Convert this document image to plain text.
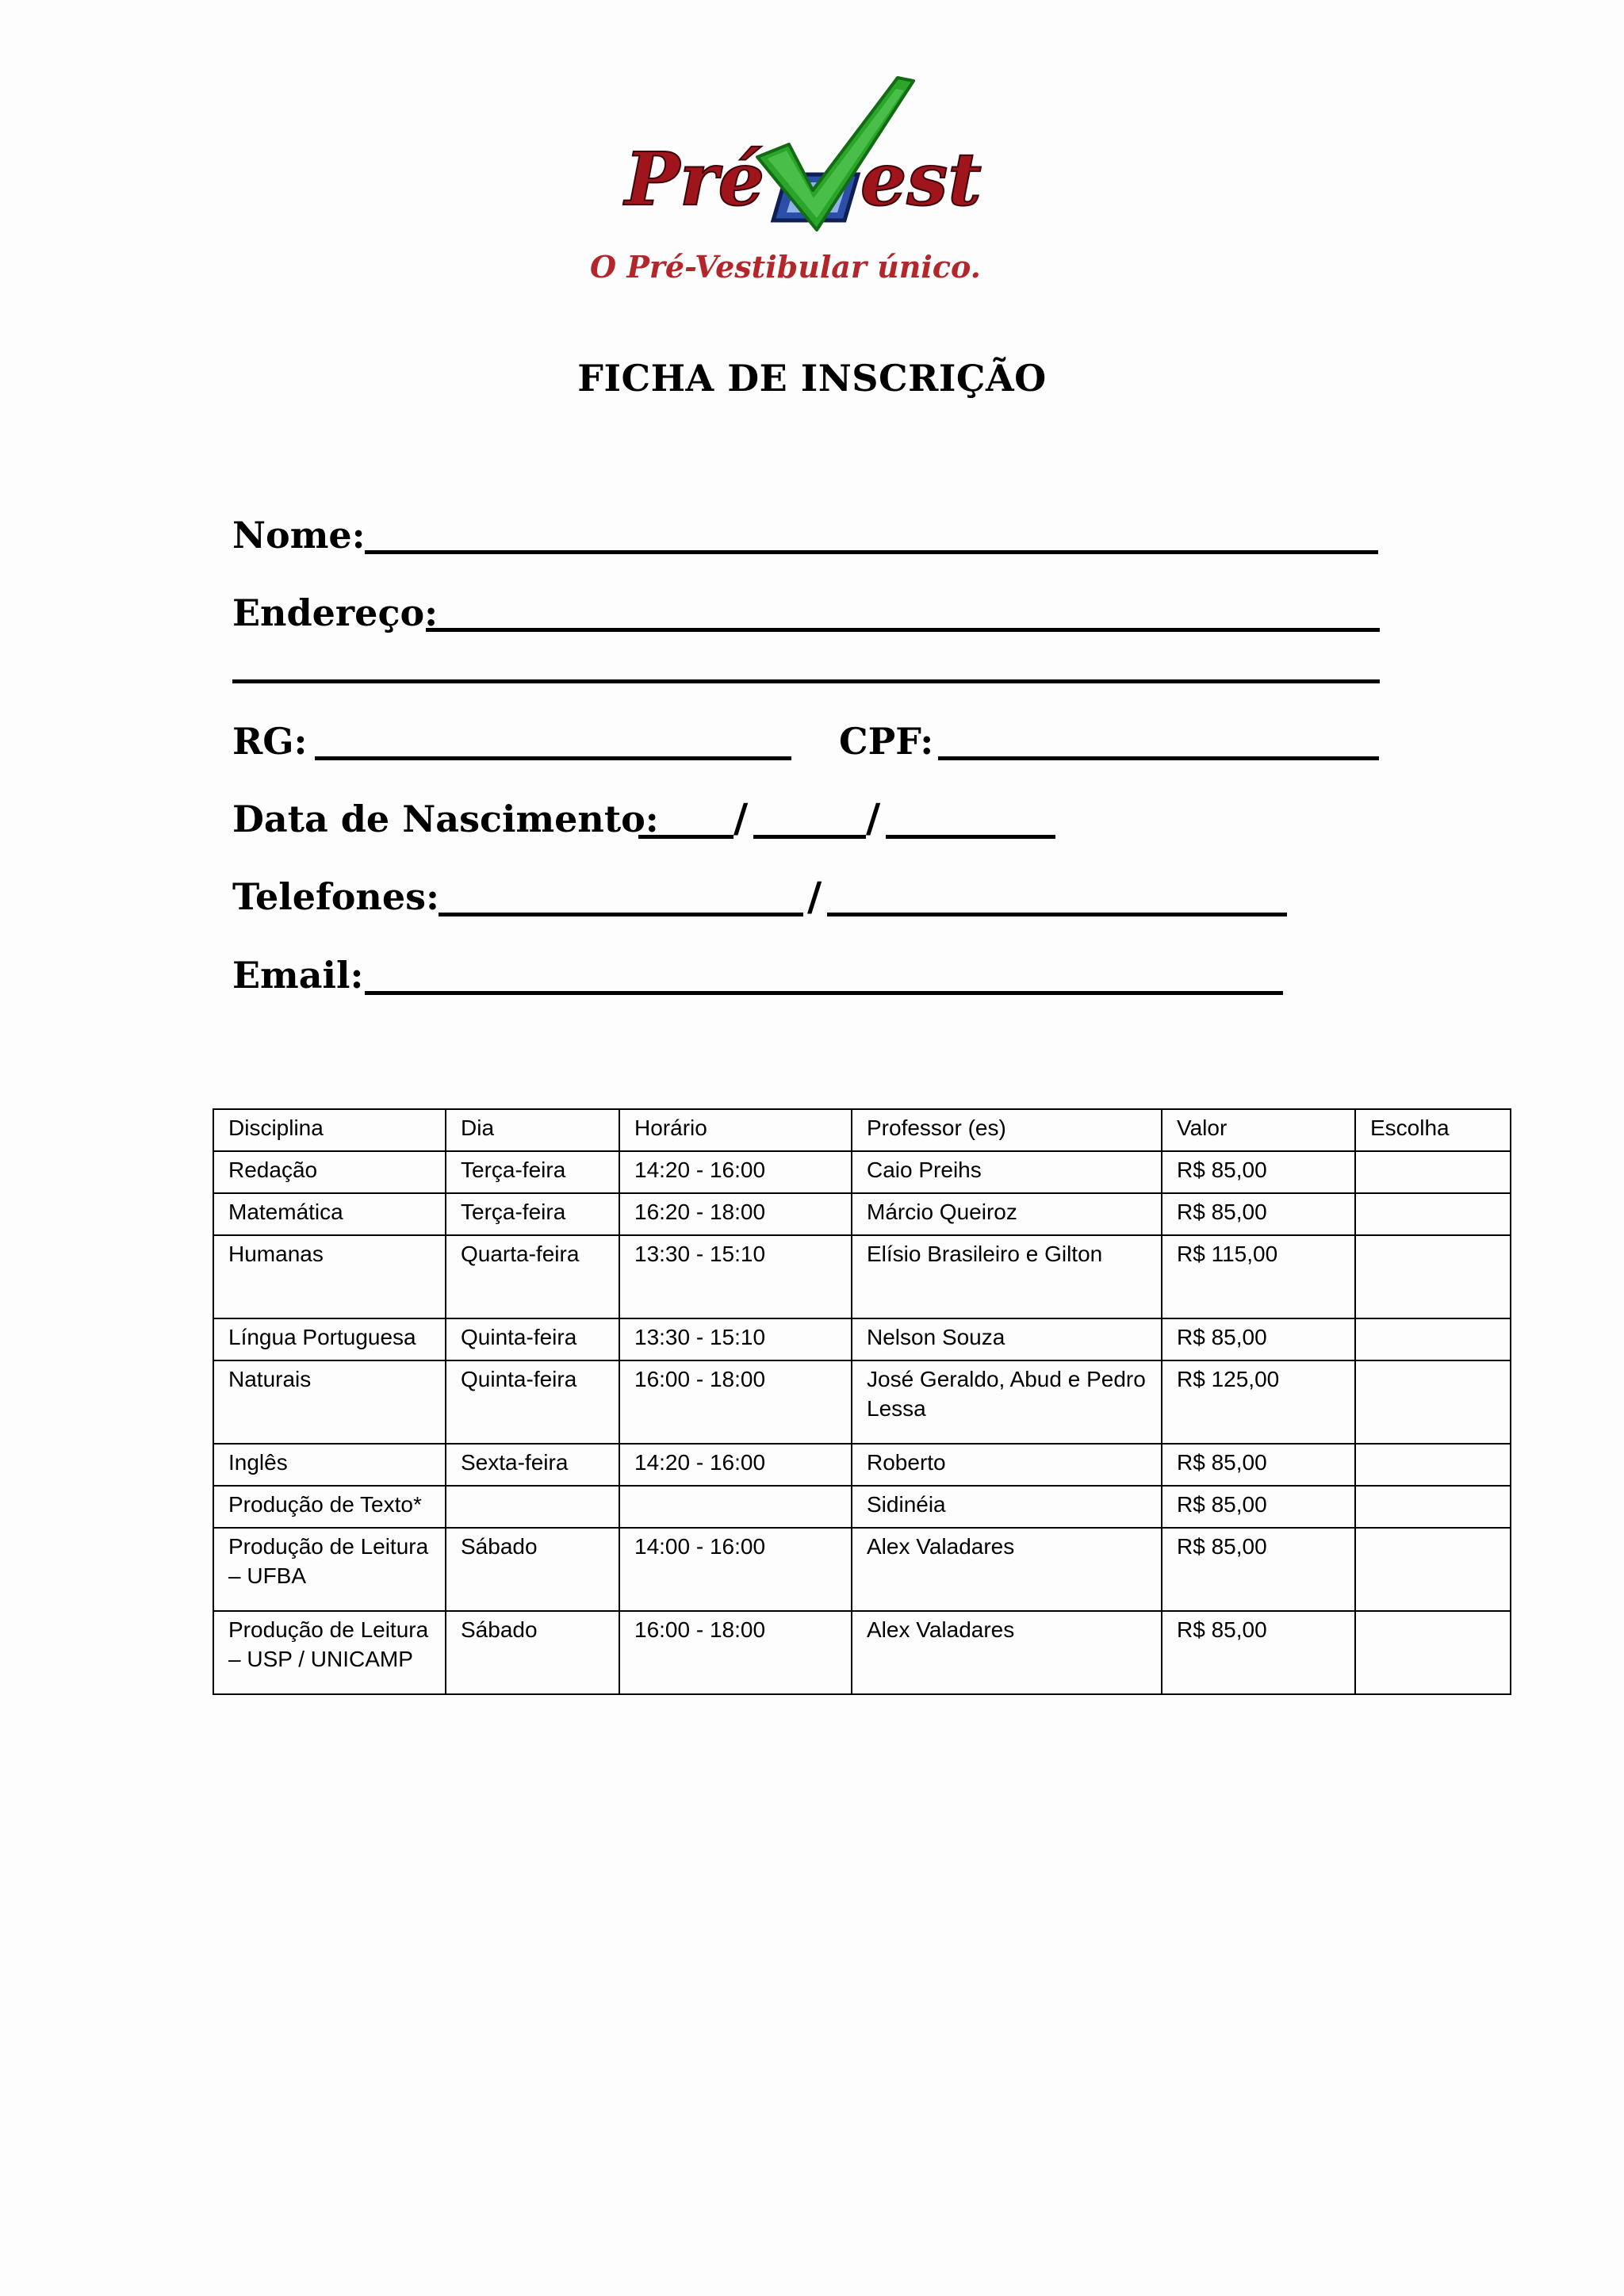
Pré est
O Pré-Vestibular único.
FICHA DE INSCRIÇÃO
Nome:
Endereço:
RG:	CPF:
Data de Nascimento: /	/
Telefones:	/
Email:
Disciplina	Dia	Horário	Professor (es)	Valor	Escolha
Redação	Terça-feira	14:20 - 16:00	Caio Preihs	R$ 85,00	
Matemática	Terça-feira	16:20 - 18:00	Márcio Queiroz	R$ 85,00	
Humanas	Quarta-feira	13:30 - 15:10	Elísio Brasileiro e Gilton	R$ 115,00	
Língua Portuguesa	Quinta-feira	13:30 - 15:10	Nelson Souza	R$ 85,00	
Naturais	Quinta-feira	16:00 - 18:00	José Geraldo, Abud e Pedro Lessa	R$ 125,00	
Inglês	Sexta-feira	14:20 - 16:00	Roberto	R$ 85,00	
Produção de Texto*			Sidinéia	R$ 85,00	
Produção de Leitura – UFBA	Sábado	14:00 - 16:00	Alex Valadares	R$ 85,00	
Produção de Leitura – USP / UNICAMP	Sábado	16:00 - 18:00	Alex Valadares	R$ 85,00	
